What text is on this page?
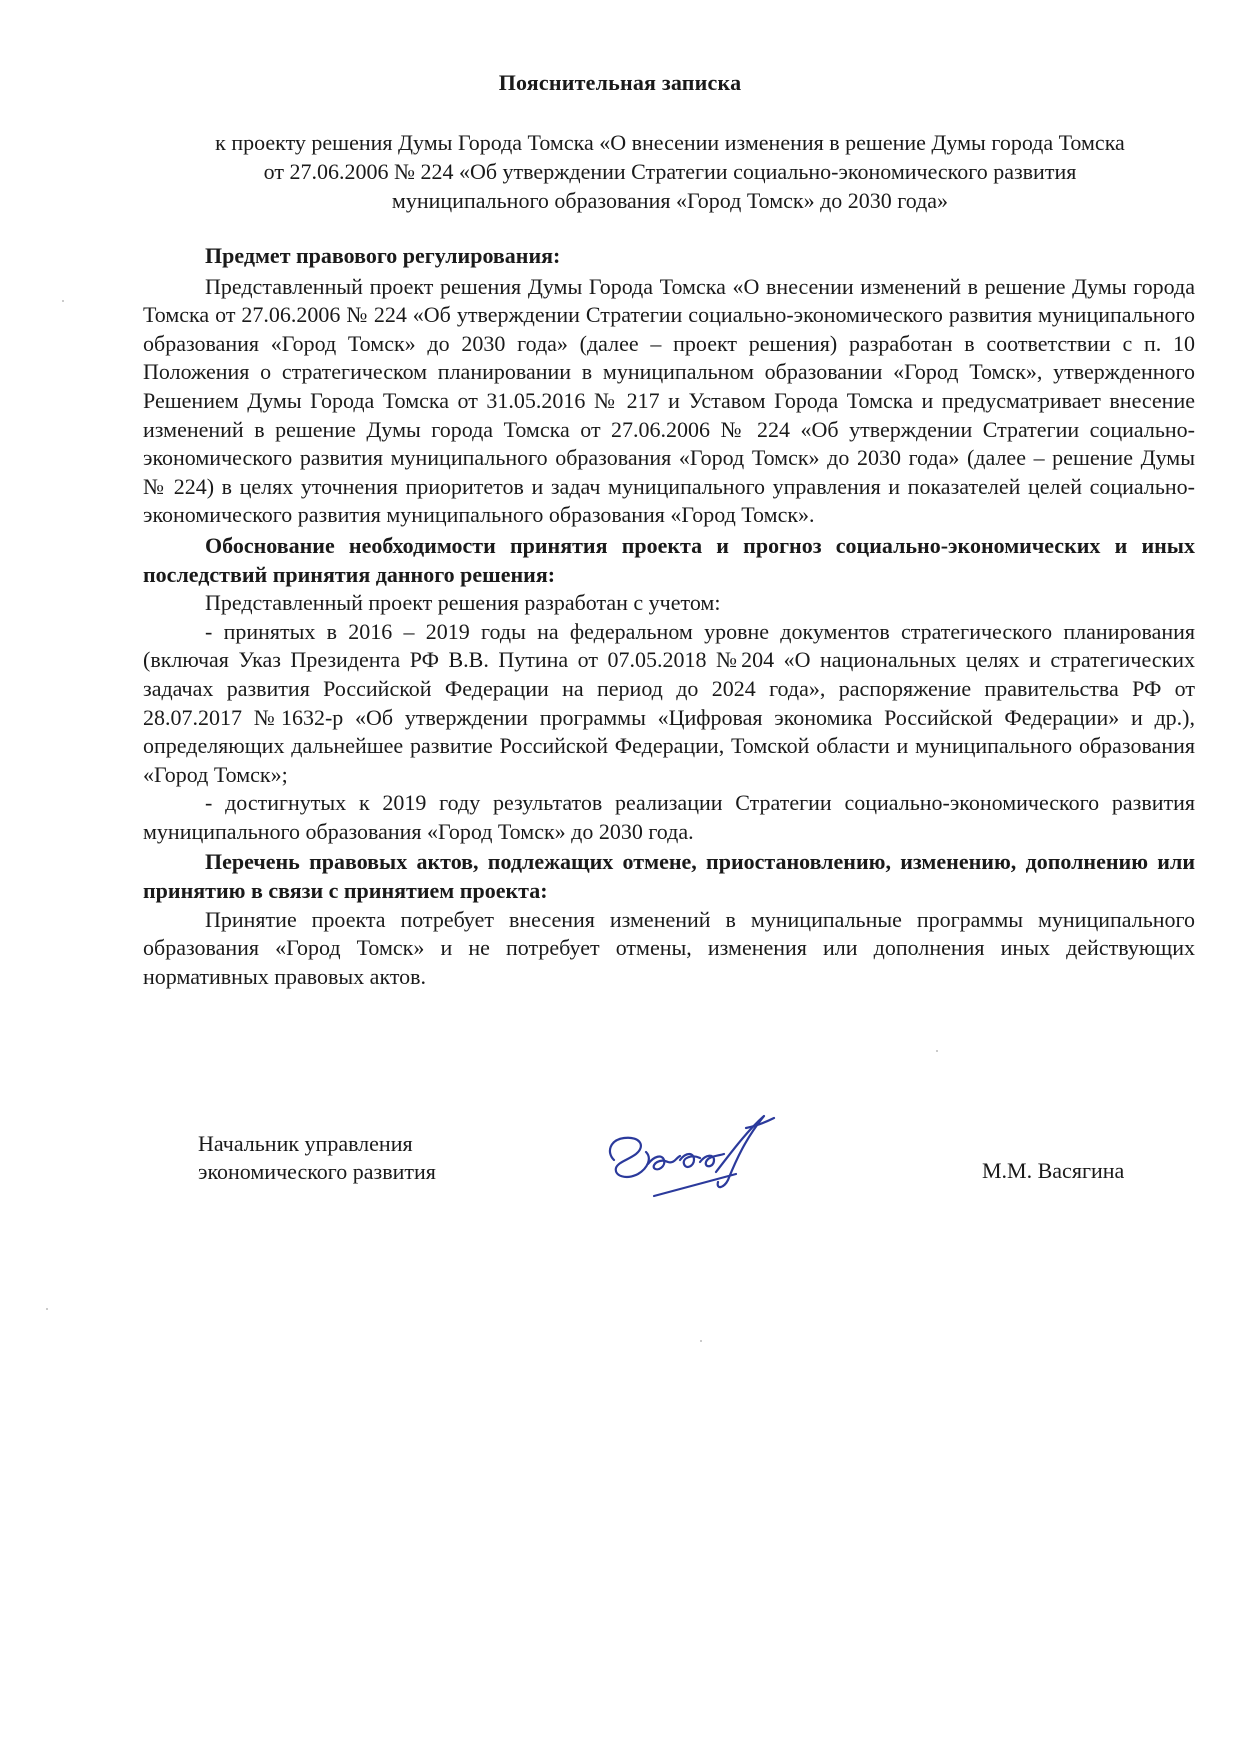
Пояснительная записка
к проекту решения Думы Города Томска «О внесении изменения в решение Думы города Томска
от 27.06.2006 № 224 «Об утверждении Стратегии социально-экономического развития
муниципального образования «Город Томск» до 2030 года»
Предмет правового регулирования:

Представленный проект решения Думы Города Томска «О внесении изменений в решение Думы города Томска от 27.06.2006 № 224 «Об утверждении Стратегии социально-экономического развития муниципального образования «Город Томск» до 2030 года» (далее – проект решения) разработан в соответствии с п. 10 Положения о стратегическом планировании в муниципальном образовании «Город Томск», утвержденного Решением Думы Города Томска от 31.05.2016 № 217 и Уставом Города Томска и предусматривает внесение изменений в решение Думы города Томска от 27.06.2006 № 224 «Об утверждении Стратегии социально-экономического развития муниципального образования «Город Томск» до 2030 года» (далее – решение Думы № 224) в целях уточнения приоритетов и задач муниципального управления и показателей целей социально-экономического развития муниципального образования «Город Томск».

Обоснование необходимости принятия проекта и прогноз социально-экономических и иных последствий принятия данного решения:

Представленный проект решения разработан с учетом:

- принятых в 2016 – 2019 годы на федеральном уровне документов стратегического планирования (включая Указ Президента РФ В.В. Путина от 07.05.2018 №204 «О национальных целях и стратегических задачах развития Российской Федерации на период до 2024 года», распоряжение правительства РФ от 28.07.2017 №1632-р «Об утверждении программы «Цифровая экономика Российской Федерации» и др.), определяющих дальнейшее развитие Российской Федерации, Томской области и муниципального образования «Город Томск»;

- достигнутых к 2019 году результатов реализации Стратегии социально-экономического развития муниципального образования «Город Томск» до 2030 года.

Перечень правовых актов, подлежащих отмене, приостановлению, изменению, дополнению или принятию в связи с принятием проекта:

Принятие проекта потребует внесения изменений в муниципальные программы муниципального образования «Город Томск» и не потребует отмены, изменения или дополнения иных действующих нормативных правовых актов.

Начальник управления
экономического развития	М.М. Васягина
